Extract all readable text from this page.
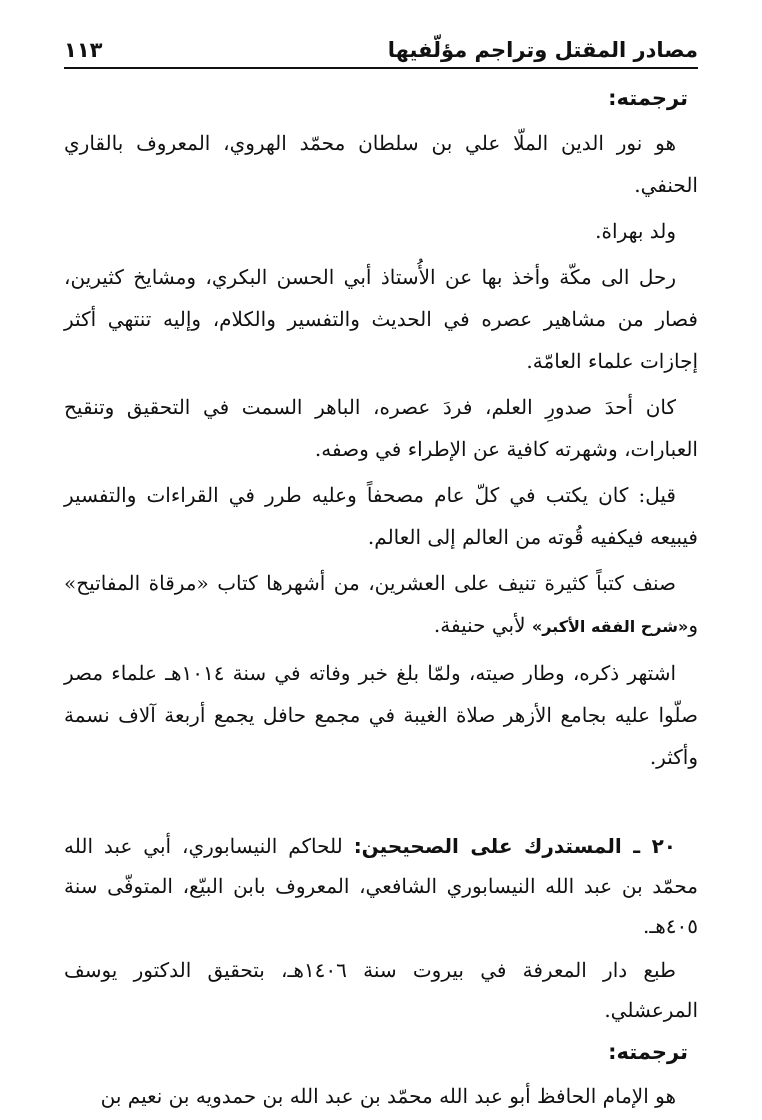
مصادر المقتل وتراجم مؤلّفيها
١١٣
ترجمته:

هو نور الدين الملّا علي بن سلطان محمّد الهروي، المعروف بالقاري الحنفي.

ولد بهراة.

رحل الى مكّة وأخذ بها عن الأُستاذ أبي الحسن البكري، ومشايخ كثيرين، فصار من مشاهير عصره في الحديث والتفسير والكلام، وإليه تنتهي أكثر إجازات علماء العامّة.

كان أحدَ صدورِ العلم، فردَ عصره، الباهر السمت في التحقيق وتنقيح العبارات، وشهرته كافية عن الإطراء في وصفه.

قيل: كان يكتب في كلّ عام مصحفاً وعليه طرر في القراءات والتفسير فيبيعه فيكفيه قُوته من العالم إلى العالم.

صنف كتباً كثيرة تنيف على العشرين، من أشهرها كتاب «مرقاة المفاتيح» و«شرح الفقه الأكبر» لأبي حنيفة.

اشتهر ذكره، وطار صيته، ولمّا بلغ خبر وفاته في سنة ١٠١٤هـ علماء مصر صلّوا عليه بجامع الأزهر صلاة الغيبة في مجمع حافل يجمع أربعة آلاف نسمة وأكثر.

٢٠ ـ المستدرك على الصحيحين: للحاكم النيسابوري، أبي عبد الله محمّد بن عبد الله النيسابوري الشافعي، المعروف بابن البيّع، المتوفّى سنة ٤٠٥هـ.

طبع دار المعرفة في بيروت سنة ١٤٠٦هـ، بتحقيق الدكتور يوسف المرعشلي.

ترجمته:

هو الإمام الحافظ أبو عبد الله محمّد بن عبد الله بن حمدويه بن نعيم بن
